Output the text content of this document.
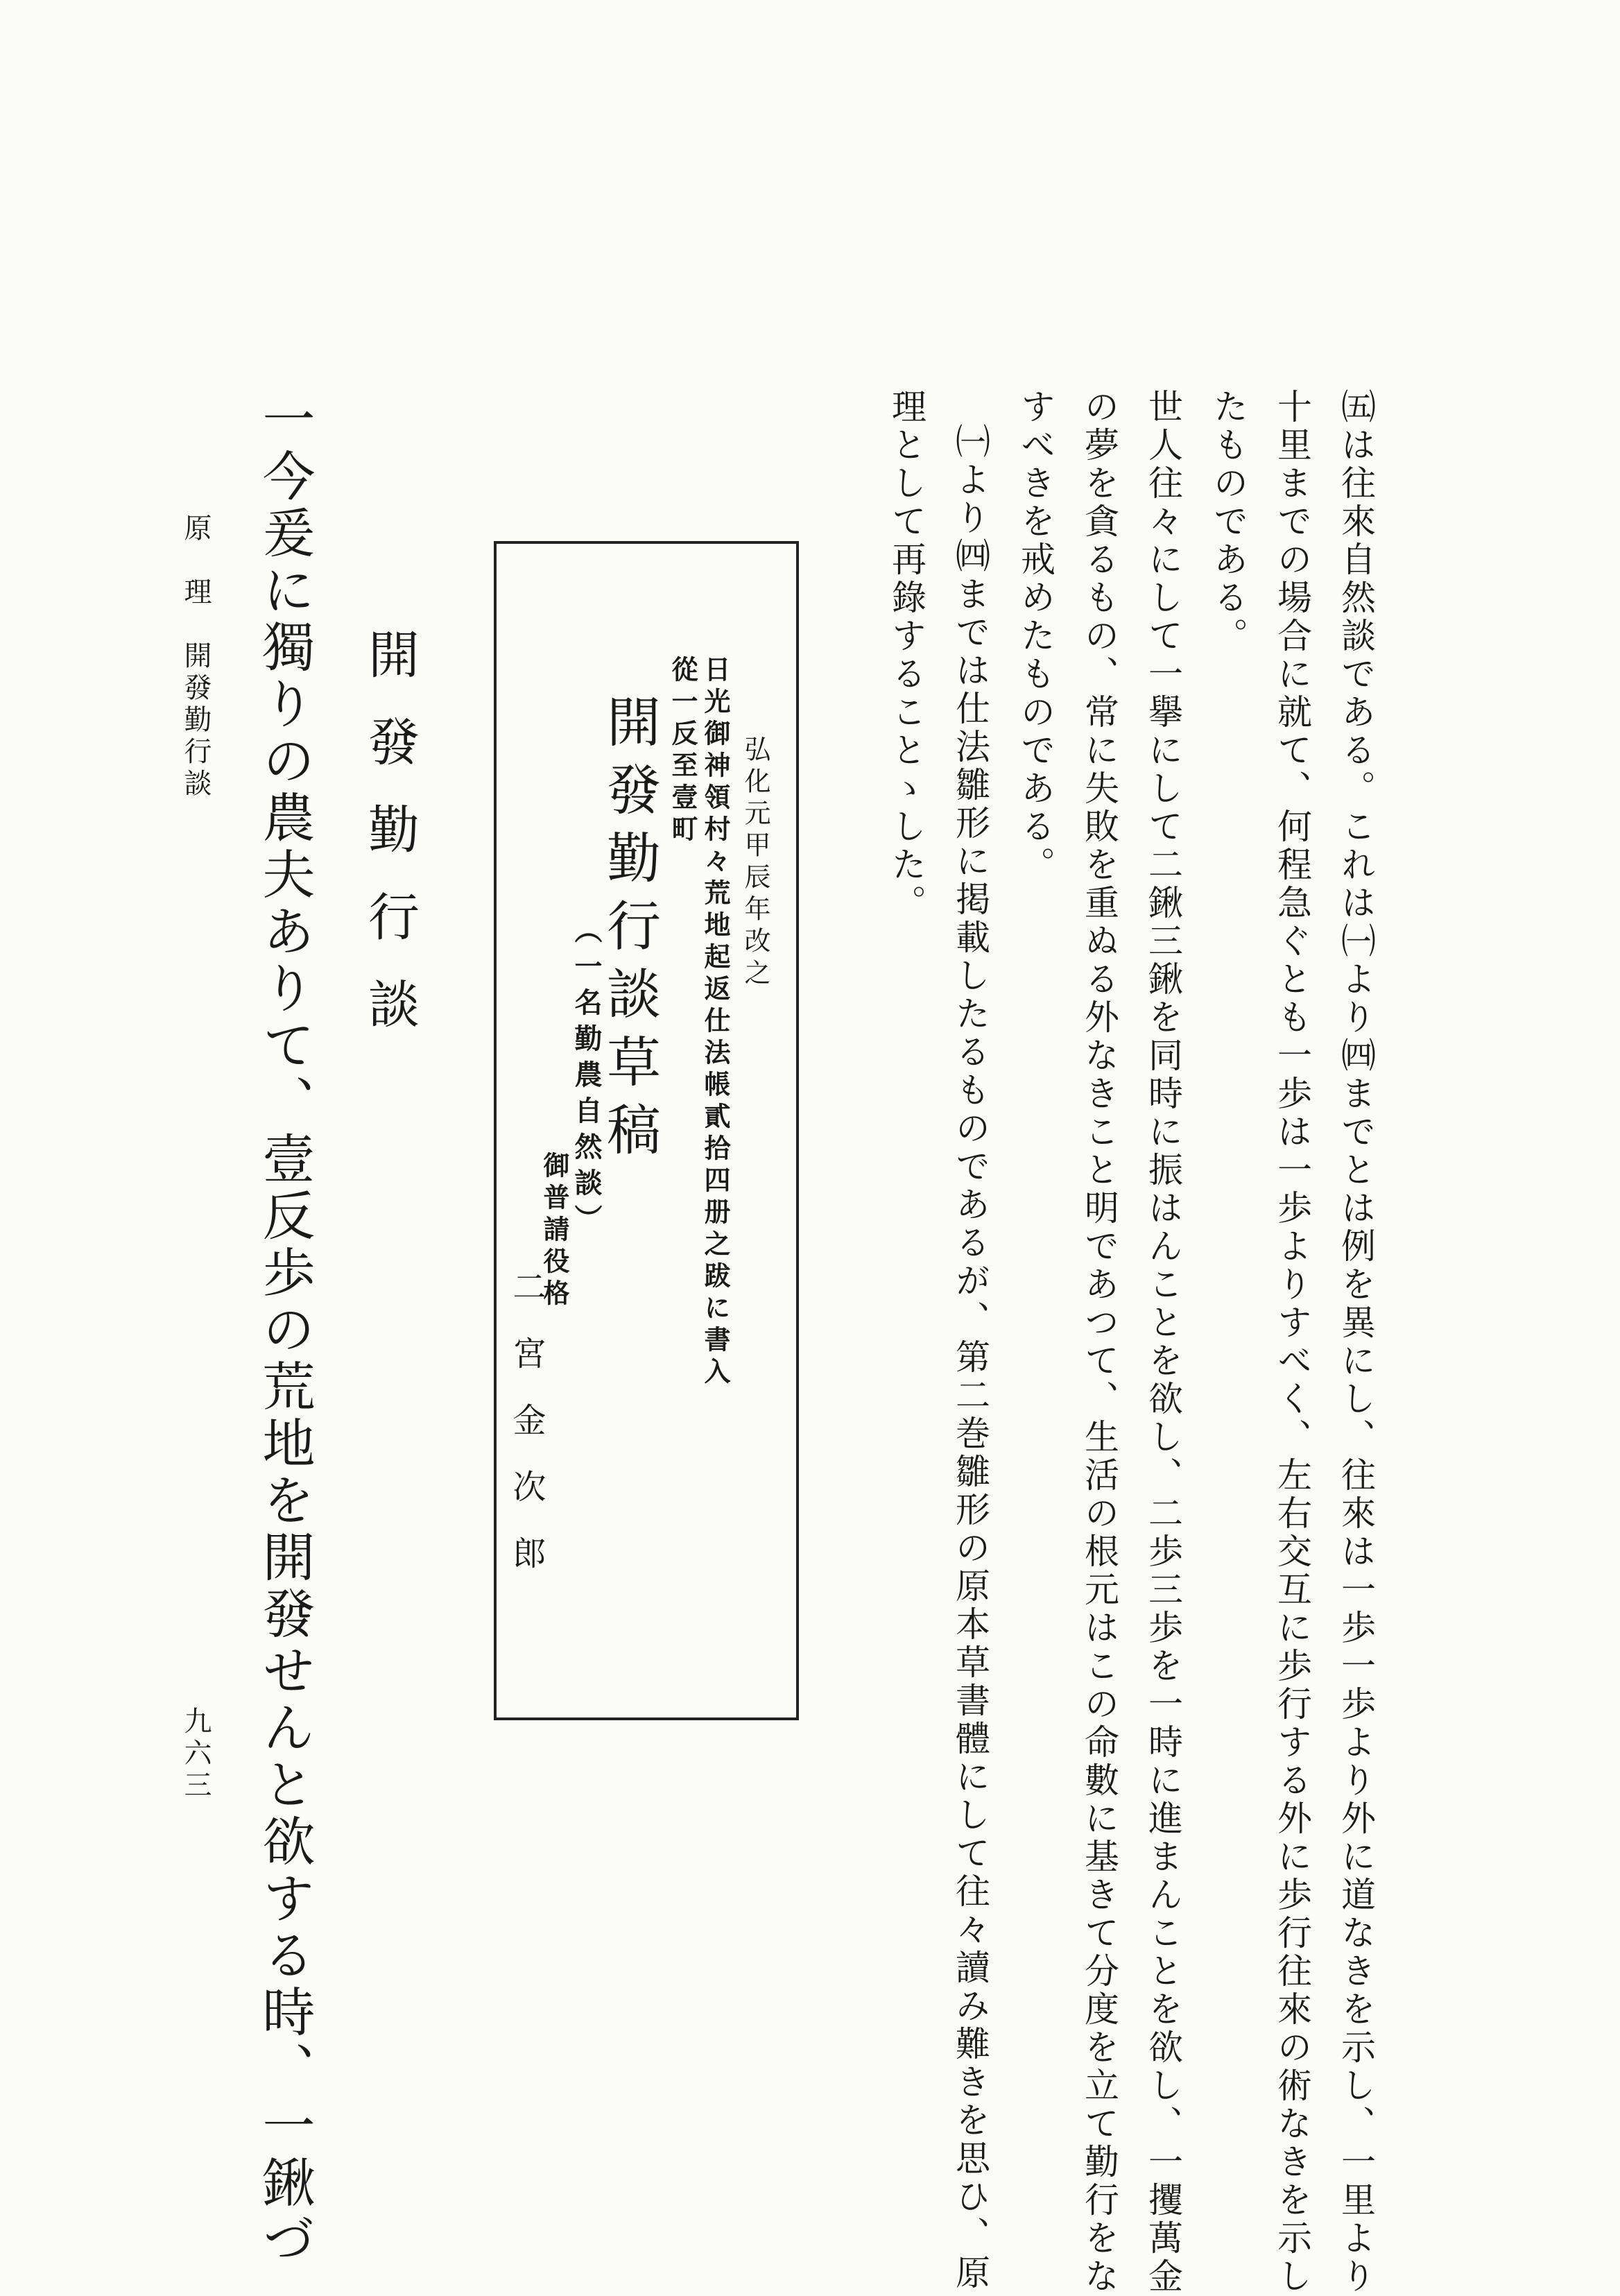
㈤は往來自然談である。これは㈠より㈣までとは例を異にし、往來は一歩一歩より外に道なきを示し、一里より
十里までの場合に就て、何程急ぐとも一歩は一歩よりすべく、左右交互に歩行する外に歩行往來の術なきを示し
たものである。
世人往々にして一擧にして二鍬三鍬を同時に振はんことを欲し、二歩三歩を一時に進まんことを欲し、一攫萬金
の夢を貪るもの、常に失敗を重ぬる外なきこと明であつて、生活の根元はこの命數に基きて分度を立て勤行をな
すべきを戒めたものである。
㈠より㈣までは仕法雛形に掲載したるものであるが、第二巻雛形の原本草書體にして往々讀み難きを思ひ、原
理として再錄することゝした。
弘化元甲辰年改之
日光御神領村々荒地起返仕法帳貳拾四册之跋に書入
從一反至壹町
開發勤行談草稿
（一名勤農自然談）
御普請役格
二宮金次郎
開發勤行談
一今爰に獨りの農夫ありて、壹反歩の荒地を開發せんと欲する時、一鍬づ
原　理　開發勤行談
九六三
